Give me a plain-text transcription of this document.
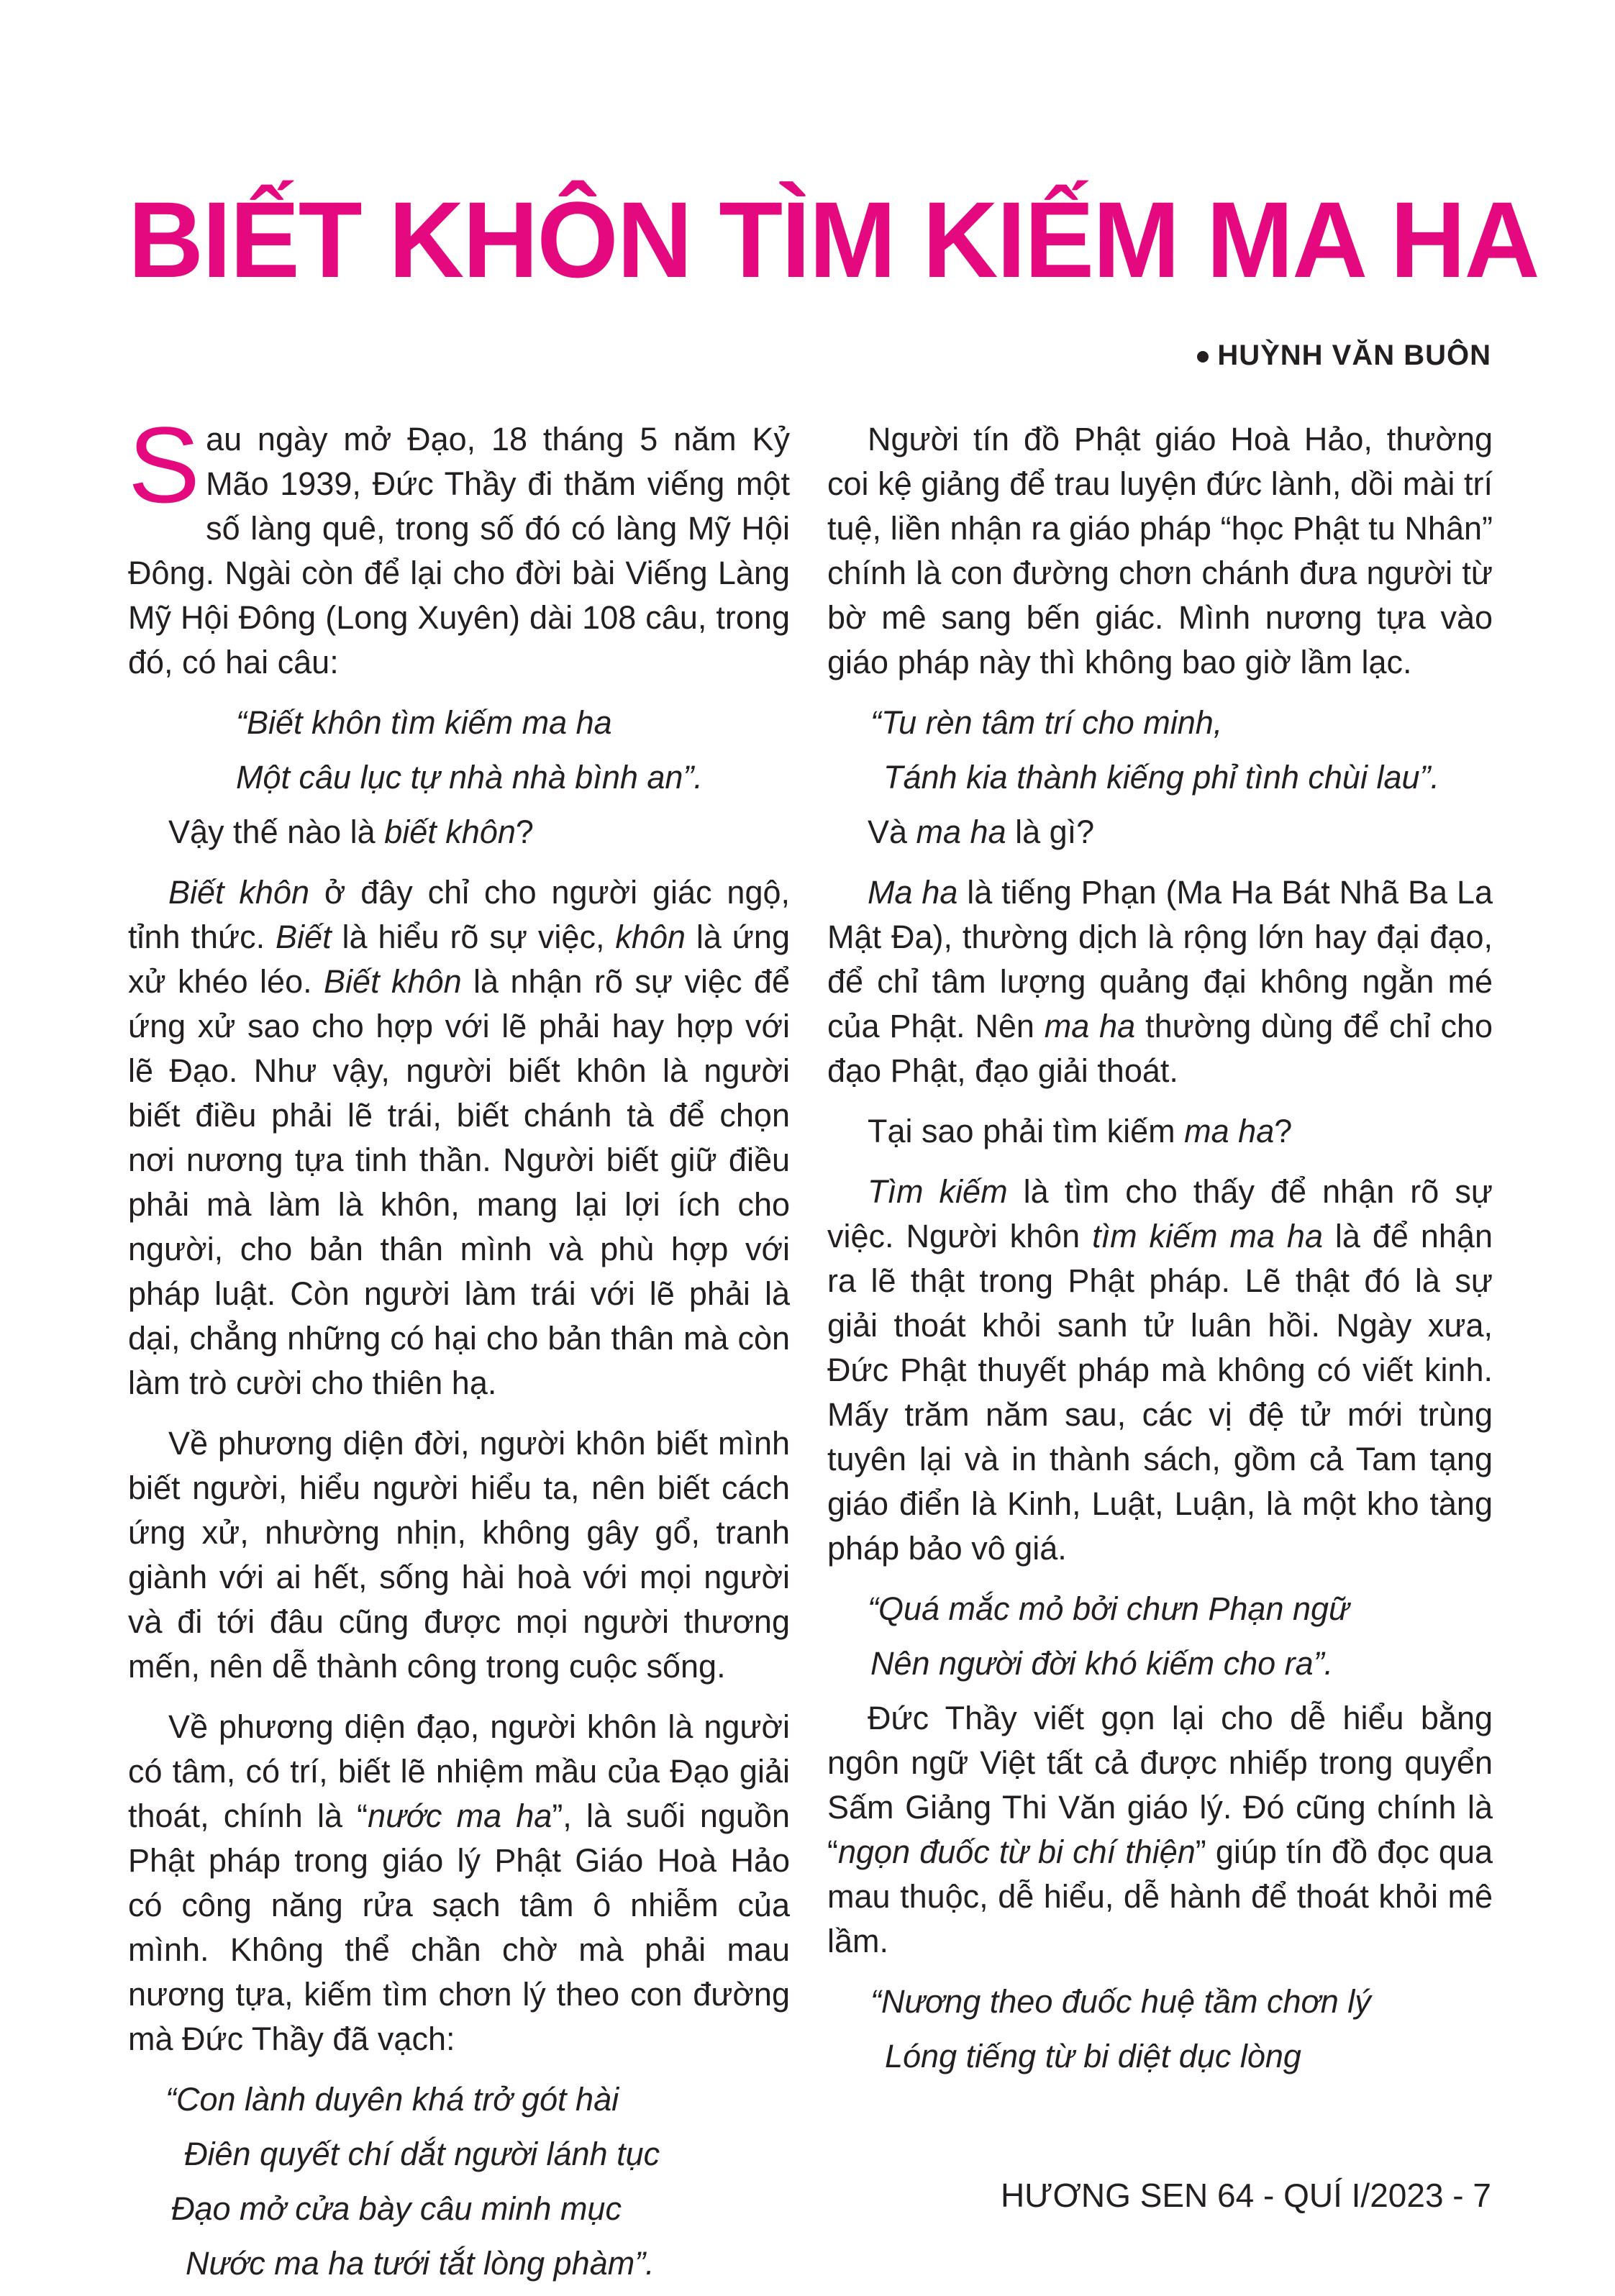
BIẾT KHÔN TÌM KIẾM MA HA
HUỲNH VĂN BUÔN

Sau ngày mở Đạo, 18 tháng 5 năm Kỷ Mão 1939, Đức Thầy đi thăm viếng một số làng quê, trong số đó có làng Mỹ Hội Đông. Ngài còn để lại cho đời bài Viếng Làng Mỹ Hội Đông (Long Xuyên) dài 108 câu, trong đó, có hai câu:

“Biết khôn tìm kiếm ma ha

Một câu lục tự nhà nhà bình an”.

Vậy thế nào là biết khôn?

Biết khôn ở đây chỉ cho người giác ngộ, tỉnh thức. Biết là hiểu rõ sự việc, khôn là ứng xử khéo léo. Biết khôn là nhận rõ sự việc để ứng xử sao cho hợp với lẽ phải hay hợp với lẽ Đạo. Như vậy, người biết khôn là người biết điều phải lẽ trái, biết chánh tà để chọn nơi nương tựa tinh thần. Người biết giữ điều phải mà làm là khôn, mang lại lợi ích cho người, cho bản thân mình và phù hợp với pháp luật. Còn người làm trái với lẽ phải là dại, chẳng những có hại cho bản thân mà còn làm trò cười cho thiên hạ.

Về phương diện đời, người khôn biết mình biết người, hiểu người hiểu ta, nên biết cách ứng xử, nhường nhịn, không gây gổ, tranh giành với ai hết, sống hài hoà với mọi người và đi tới đâu cũng được mọi người thương mến, nên dễ thành công trong cuộc sống.

Về phương diện đạo, người khôn là người có tâm, có trí, biết lẽ nhiệm mầu của Đạo giải thoát, chính là “nước ma ha”, là suối nguồn Phật pháp trong giáo lý Phật Giáo Hoà Hảo có công năng rửa sạch tâm ô nhiễm của mình. Không thể chần chờ mà phải mau nương tựa, kiếm tìm chơn lý theo con đường mà Đức Thầy đã vạch:

“Con lành duyên khá trở gót hài

Điên quyết chí dắt người lánh tục

Đạo mở cửa bày câu minh mục

Nước ma ha tưới tắt lòng phàm”.

Người tín đồ Phật giáo Hoà Hảo, thường coi kệ giảng để trau luyện đức lành, dồi mài trí tuệ, liền nhận ra giáo pháp “học Phật tu Nhân” chính là con đường chơn chánh đưa người từ bờ mê sang bến giác. Mình nương tựa vào giáo pháp này thì không bao giờ lầm lạc.

“Tu rèn tâm trí cho minh,

Tánh kia thành kiếng phỉ tình chùi lau”.

Và ma ha là gì?

Ma ha là tiếng Phạn (Ma Ha Bát Nhã Ba La Mật Đa), thường dịch là rộng lớn hay đại đạo, để chỉ tâm lượng quảng đại không ngằn mé của Phật. Nên ma ha thường dùng để chỉ cho đạo Phật, đạo giải thoát.

Tại sao phải tìm kiếm ma ha?

Tìm kiếm là tìm cho thấy để nhận rõ sự việc. Người khôn tìm kiếm ma ha là để nhận ra lẽ thật trong Phật pháp. Lẽ thật đó là sự giải thoát khỏi sanh tử luân hồi. Ngày xưa, Đức Phật thuyết pháp mà không có viết kinh. Mấy trăm năm sau, các vị đệ tử mới trùng tuyên lại và in thành sách, gồm cả Tam tạng giáo điển là Kinh, Luật, Luận, là một kho tàng pháp bảo vô giá.

“Quá mắc mỏ bởi chưn Phạn ngữ

Nên người đời khó kiếm cho ra”.

Đức Thầy viết gọn lại cho dễ hiểu bằng ngôn ngữ Việt tất cả được nhiếp trong quyển Sấm Giảng Thi Văn giáo lý. Đó cũng chính là “ngọn đuốc từ bi chí thiện” giúp tín đồ đọc qua mau thuộc, dễ hiểu, dễ hành để thoát khỏi mê lầm.

“Nương theo đuốc huệ tầm chơn lý

Lóng tiếng từ bi diệt dục lòng

HƯƠNG SEN 64 - QUÍ I/2023 - 7
